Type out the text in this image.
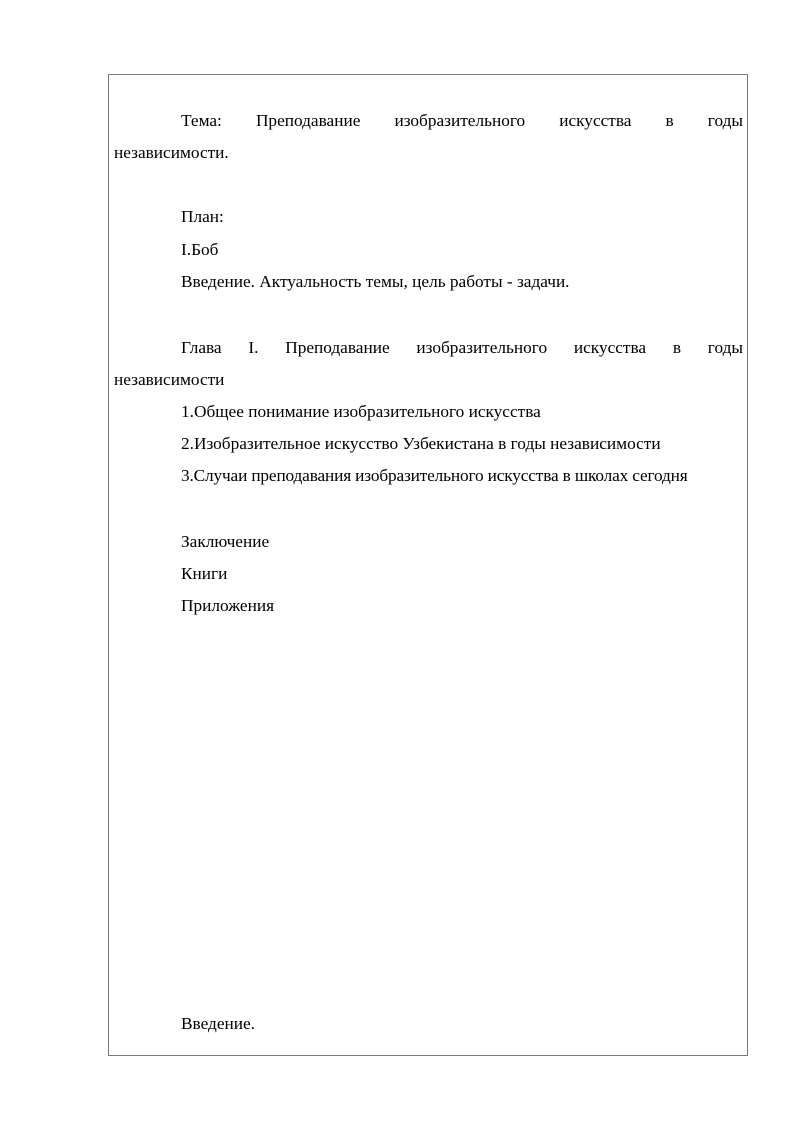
Тема: Преподавание изобразительного искусства в годы
независимости.
План:
I.Боб
Введение. Актуальность темы, цель работы - задачи.
Глава I. Преподавание изобразительного искусства в годы
независимости
1.Общее понимание изобразительного искусства
2.Изобразительное искусство Узбекистана в годы независимости
3.Случаи преподавания изобразительного искусства в школах сегодня
Заключение
Книги
Приложения
Введение.
